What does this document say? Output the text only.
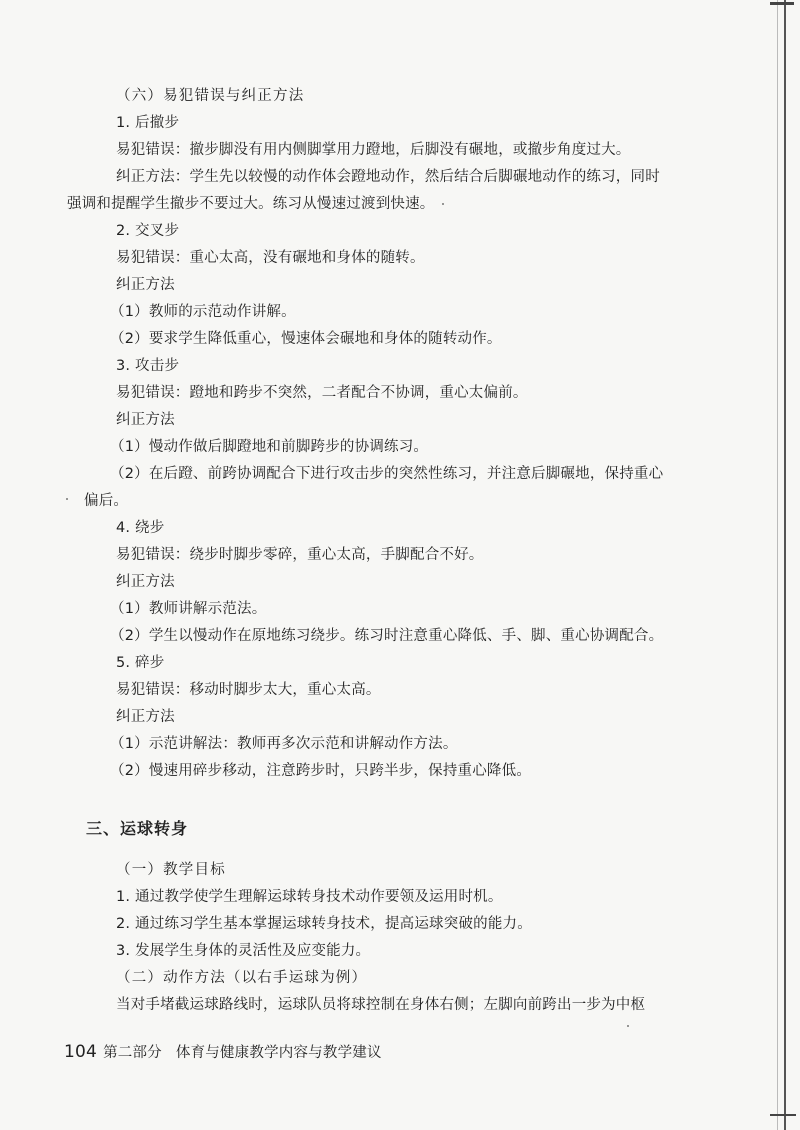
（六）易犯错误与纠正方法
1. 后撤步
易犯错误：撤步脚没有用内侧脚掌用力蹬地，后脚没有碾地，或撤步角度过大。
纠正方法：学生先以较慢的动作体会蹬地动作，然后结合后脚碾地动作的练习，同时
强调和提醒学生撤步不要过大。练习从慢速过渡到快速。
2. 交叉步
易犯错误：重心太高，没有碾地和身体的随转。
纠正方法
（1）教师的示范动作讲解。
（2）要求学生降低重心，慢速体会碾地和身体的随转动作。
3. 攻击步
易犯错误：蹬地和跨步不突然，二者配合不协调，重心太偏前。
纠正方法
（1）慢动作做后脚蹬地和前脚跨步的协调练习。
（2）在后蹬、前跨协调配合下进行攻击步的突然性练习，并注意后脚碾地，保持重心
偏后。
4. 绕步
易犯错误：绕步时脚步零碎，重心太高，手脚配合不好。
纠正方法
（1）教师讲解示范法。
（2）学生以慢动作在原地练习绕步。练习时注意重心降低、手、脚、重心协调配合。
5. 碎步
易犯错误：移动时脚步太大，重心太高。
纠正方法
（1）示范讲解法：教师再多次示范和讲解动作方法。
（2）慢速用碎步移动，注意跨步时，只跨半步，保持重心降低。
三、运球转身
（一）教学目标
1. 通过教学使学生理解运球转身技术动作要领及运用时机。
2. 通过练习学生基本掌握运球转身技术，提高运球突破的能力。
3. 发展学生身体的灵活性及应变能力。
（二）动作方法（以右手运球为例）
当对手堵截运球路线时，运球队员将球控制在身体右侧；左脚向前跨出一步为中枢
104 第二部分 体育与健康教学内容与教学建议
